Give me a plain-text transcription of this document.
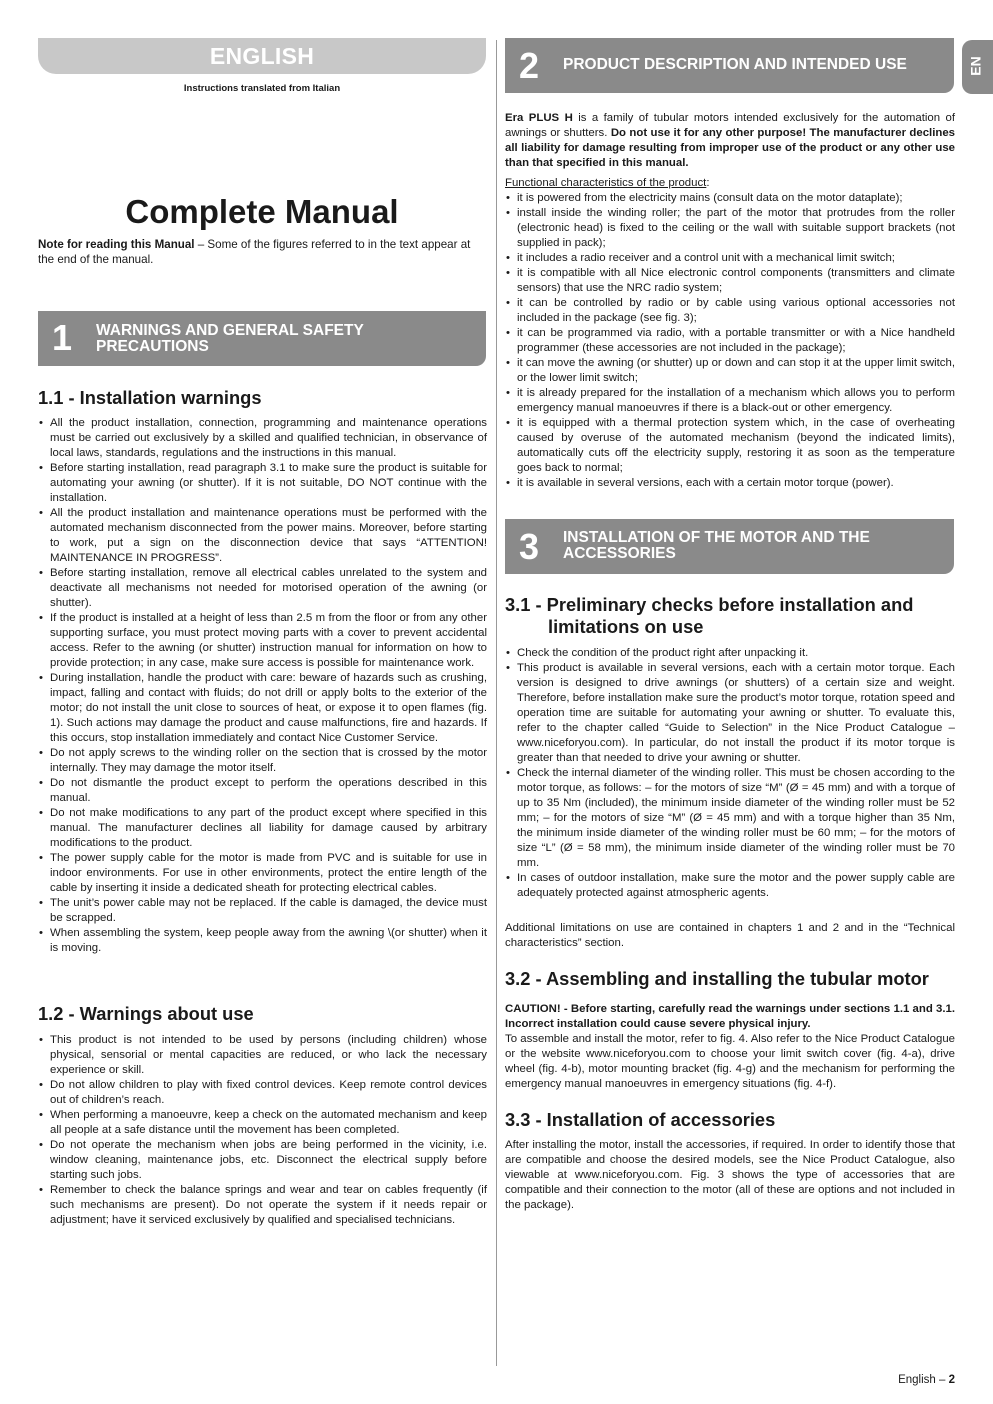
ENGLISH
Instructions translated from Italian
Complete Manual
Note for reading this Manual – Some of the figures referred to in the text appear at the end of the manual.
1 WARNINGS AND GENERAL SAFETY PRECAUTIONS
1.1 - Installation warnings
• All the product installation, connection, programming and maintenance operations must be carried out exclusively by a skilled and qualified technician, in observance of local laws, standards, regulations and the instructions in this manual.
• Before starting installation, read paragraph 3.1 to make sure the product is suitable for automating your awning (or shutter). If it is not suitable, DO NOT continue with the installation.
• All the product installation and maintenance operations must be performed with the automated mechanism disconnected from the power mains. Moreover, before starting to work, put a sign on the disconnection device that says “ATTENTION! MAINTENANCE IN PROGRESS”.
• Before starting installation, remove all electrical cables unrelated to the system and deactivate all mechanisms not needed for motorised operation of the awning (or shutter).
• If the product is installed at a height of less than 2.5 m from the floor or from any other supporting surface, you must protect moving parts with a cover to prevent accidental access. Refer to the awning (or shutter) instruction manual for information on how to provide protection; in any case, make sure access is possible for maintenance work.
• During installation, handle the product with care: beware of hazards such as crushing, impact, falling and contact with fluids; do not drill or apply bolts to the exterior of the motor; do not install the unit close to sources of heat, or expose it to open flames (fig. 1). Such actions may damage the product and cause malfunctions, fire and hazards. If this occurs, stop installation immediately and contact Nice Customer Service.
• Do not apply screws to the winding roller on the section that is crossed by the motor internally. They may damage the motor itself.
• Do not dismantle the product except to perform the operations described in this manual.
• Do not make modifications to any part of the product except where specified in this manual. The manufacturer declines all liability for damage caused by arbitrary modifications to the product.
• The power supply cable for the motor is made from PVC and is suitable for use in indoor environments. For use in other environments, protect the entire length of the cable by inserting it inside a dedicated sheath for protecting electrical cables.
• The unit’s power cable may not be replaced. If the cable is damaged, the device must be scrapped.
• When assembling the system, keep people away from the awning \(or shutter) when it is moving.
1.2 - Warnings about use
• This product is not intended to be used by persons (including children) whose physical, sensorial or mental capacities are reduced, or who lack the necessary experience or skill.
• Do not allow children to play with fixed control devices. Keep remote control devices out of children’s reach.
• When performing a manoeuvre, keep a check on the automated mechanism and keep all people at a safe distance until the movement has been completed.
• Do not operate the mechanism when jobs are being performed in the vicinity, i.e. window cleaning, maintenance jobs, etc. Disconnect the electrical supply before starting such jobs.
• Remember to check the balance springs and wear and tear on cables frequently (if such mechanisms are present). Do not operate the system if it needs repair or adjustment; have it serviced exclusively by qualified and specialised technicians.
2 PRODUCT DESCRIPTION AND INTENDED USE	EN
Era PLUS H is a family of tubular motors intended exclusively for the automation of awnings or shutters. Do not use it for any other purpose! The manufacturer declines all liability for damage resulting from improper use of the product or any other use than that specified in this manual.
Functional characteristics of the product:
• it is powered from the electricity mains (consult data on the motor dataplate);
• install inside the winding roller; the part of the motor that protrudes from the roller (electronic head) is fixed to the ceiling or the wall with suitable support brackets (not supplied in pack);
• it includes a radio receiver and a control unit with a mechanical limit switch;
• it is compatible with all Nice electronic control components (transmitters and climate sensors) that use the NRC radio system;
• it can be controlled by radio or by cable using various optional accessories not included in the package (see fig. 3);
• it can be programmed via radio, with a portable transmitter or with a Nice handheld programmer (these accessories are not included in the package);
• it can move the awning (or shutter) up or down and can stop it at the upper limit switch, or the lower limit switch;
• it is already prepared for the installation of a mechanism which allows you to perform emergency manual manoeuvres if there is a black-out or other emergency.
• it is equipped with a thermal protection system which, in the case of overheating caused by overuse of the automated mechanism (beyond the indicated limits), automatically cuts off the electricity supply, restoring it as soon as the temperature goes back to normal;
• it is available in several versions, each with a certain motor torque (power).
3 INSTALLATION OF THE MOTOR AND THE ACCESSORIES
3.1 - Preliminary checks before installation and limitations on use
• Check the condition of the product right after unpacking it.
• This product is available in several versions, each with a certain motor torque. Each version is designed to drive awnings (or shutters) of a certain size and weight. Therefore, before installation make sure the product’s motor torque, rotation speed and operation time are suitable for automating your awning or shutter. To evaluate this, refer to the chapter called “Guide to Selection” in the Nice Product Catalogue – www.niceforyou.com). In particular, do not install the product if its motor torque is greater than that needed to drive your awning or shutter.
• Check the internal diameter of the winding roller. This must be chosen according to the motor torque, as follows: – for the motors of size “M” (Ø = 45 mm) and with a torque of up to 35 Nm (included), the minimum inside diameter of the winding roller must be 52 mm; – for the motors of size “M” (Ø = 45 mm) and with a torque higher than 35 Nm, the minimum inside diameter of the winding roller must be 60 mm; – for the motors of size “L” (Ø = 58 mm), the minimum inside diameter of the winding roller must be 70 mm.
• In cases of outdoor installation, make sure the motor and the power supply cable are adequately protected against atmospheric agents.
Additional limitations on use are contained in chapters 1 and 2 and in the “Technical characteristics” section.
3.2 - Assembling and installing the tubular motor
CAUTION! - Before starting, carefully read the warnings under sections 1.1 and 3.1. Incorrect installation could cause severe physical injury.
To assemble and install the motor, refer to fig. 4. Also refer to the Nice Product Catalogue or the website www.niceforyou.com to choose your limit switch cover (fig. 4-a), drive wheel (fig. 4-b), motor mounting bracket (fig. 4-g) and the mechanism for performing the emergency manual manoeuvres in emergency situations (fig. 4-f).
3.3 - Installation of accessories
After installing the motor, install the accessories, if required. In order to identify those that are compatible and choose the desired models, see the Nice Product Catalogue, also viewable at www.niceforyou.com. Fig. 3 shows the type of accessories that are compatible and their connection to the motor (all of these are options and not included in the package).
English – 2
